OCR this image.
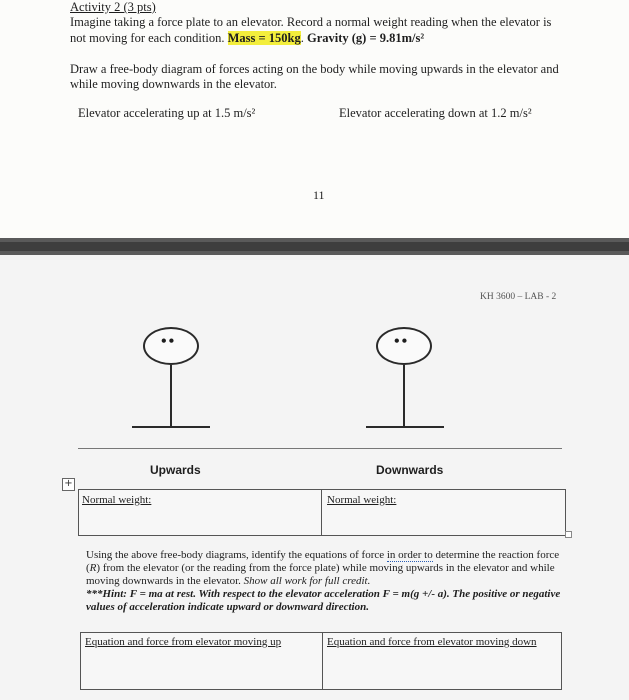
Activity 2 (3 pts)
Imagine taking a force plate to an elevator. Record a normal weight reading when the elevator is
not moving for each condition. Mass = 150kg. Gravity (g) = 9.81m/s²
Draw a free-body diagram of forces acting on the body while moving upwards in the elevator and
while moving downwards in the elevator.
Elevator accelerating up at 1.5 m/s²	Elevator accelerating down at 1.2 m/s²
11
KH 3600 – LAB - 2
••	••
Upwards	Downwards
+
Normal weight:	Normal weight:
Using the above free-body diagrams, identify the equations of force in order to determine the reaction force (R) from the elevator (or the reading from the force plate) while moving upwards in the elevator and while moving downwards in the elevator. Show all work for full credit.
***Hint: F = ma at rest. With respect to the elevator acceleration F = m(g +/- a). The positive or negative values of acceleration indicate upward or downward direction.
Equation and force from elevator moving up	Equation and force from elevator moving down
